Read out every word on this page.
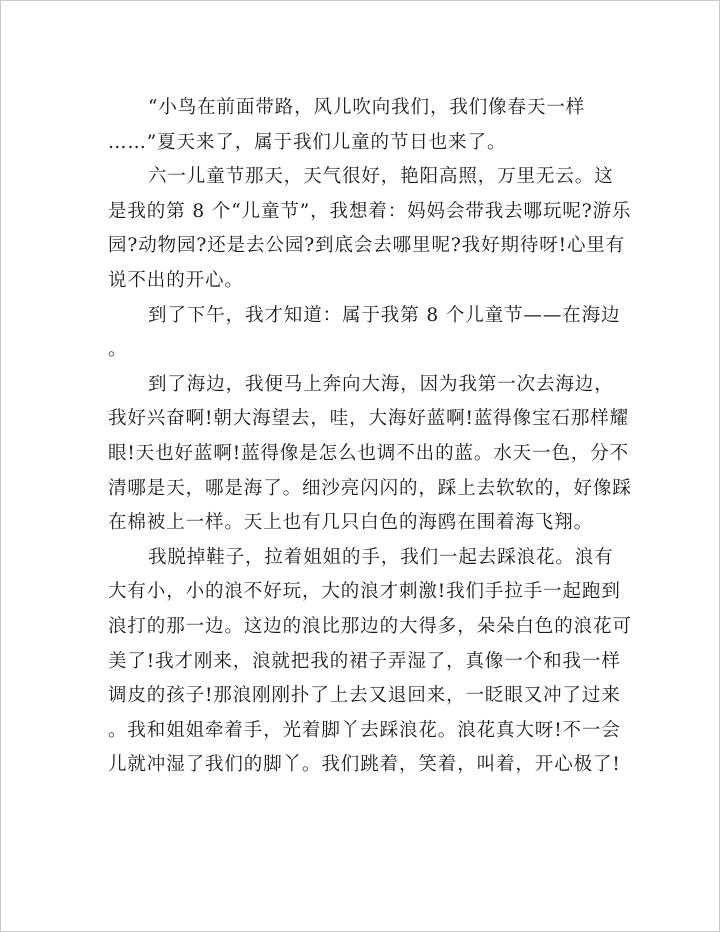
“小鸟在前面带路，风儿吹向我们，我们像春天一样
……”夏天来了，属于我们儿童的节日也来了。
六一儿童节那天，天气很好，艳阳高照，万里无云。这
是我的第 8 个“儿童节”，我想着：妈妈会带我去哪玩呢?游乐
园?动物园?还是去公园?到底会去哪里呢?我好期待呀!心里有
说不出的开心。
到了下午，我才知道：属于我第 8 个儿童节——在海边
。
到了海边，我便马上奔向大海，因为我第一次去海边，
我好兴奋啊!朝大海望去，哇，大海好蓝啊!蓝得像宝石那样耀
眼!天也好蓝啊!蓝得像是怎么也调不出的蓝。水天一色，分不
清哪是天，哪是海了。细沙亮闪闪的，踩上去软软的，好像踩
在棉被上一样。天上也有几只白色的海鸥在围着海飞翔。
我脱掉鞋子，拉着姐姐的手，我们一起去踩浪花。浪有
大有小，小的浪不好玩，大的浪才刺激!我们手拉手一起跑到
浪打的那一边。这边的浪比那边的大得多，朵朵白色的浪花可
美了!我才刚来，浪就把我的裙子弄湿了，真像一个和我一样
调皮的孩子!那浪刚刚扑了上去又退回来，一眨眼又冲了过来
。我和姐姐牵着手，光着脚丫去踩浪花。浪花真大呀!不一会
儿就冲湿了我们的脚丫。我们跳着，笑着，叫着，开心极了!
